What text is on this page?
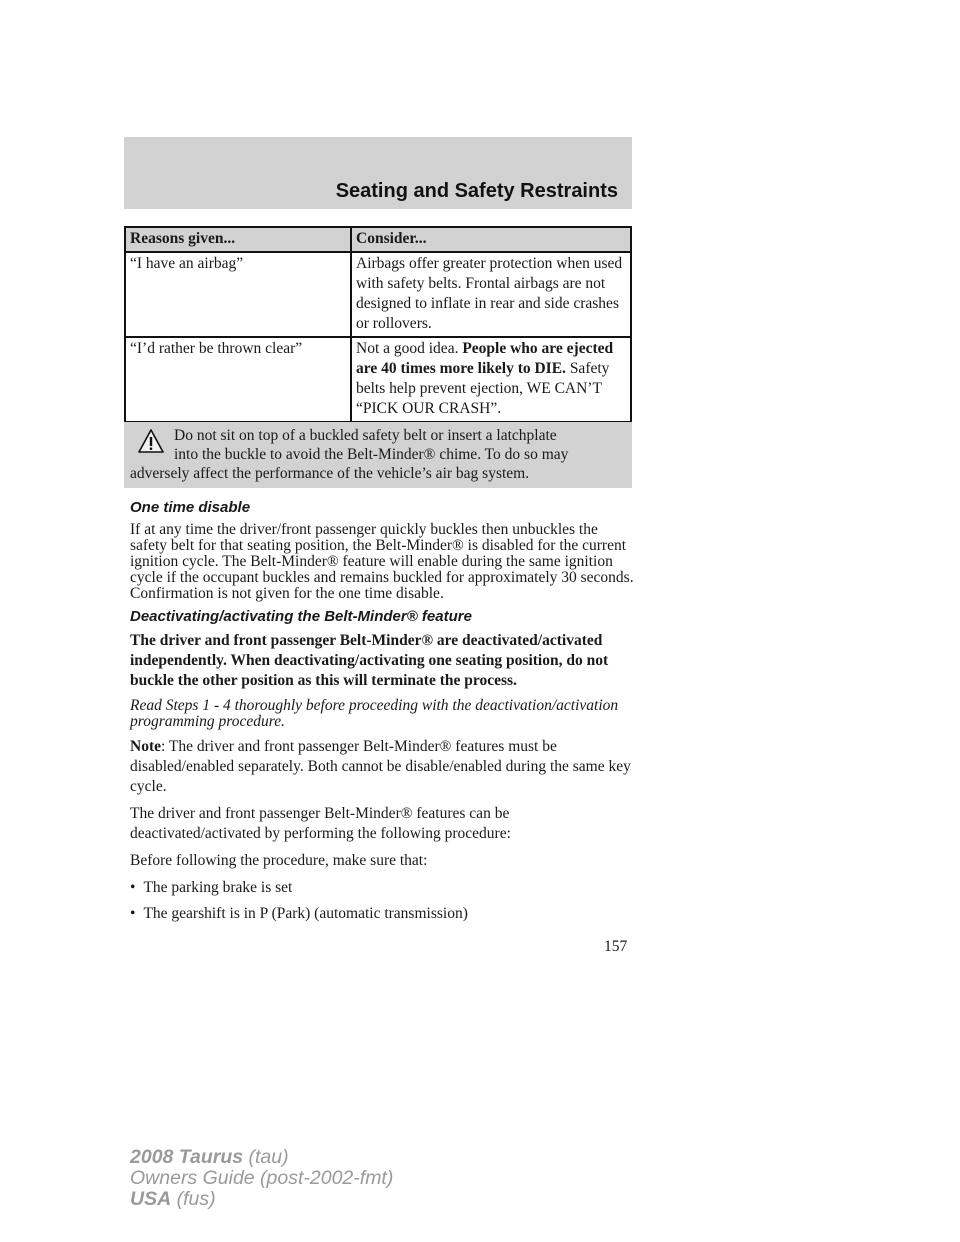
Seating and Safety Restraints
Reasons given...	Consider...
“I have an airbag”	Airbags offer greater protection when used with safety belts. Frontal airbags are not designed to inflate in rear and side crashes or rollovers.
“I’d rather be thrown clear”	Not a good idea. People who are ejected are 40 times more likely to DIE. Safety belts help prevent ejection, WE CAN’T “PICK OUR CRASH”.
Do not sit on top of a buckled safety belt or insert a latchplate
into the buckle to avoid the Belt-Minder® chime. To do so may
adversely affect the performance of the vehicle’s air bag system.
One time disable

If at any time the driver/front passenger quickly buckles then unbuckles the safety belt for that seating position, the Belt-Minder® is disabled for the current ignition cycle. The Belt-Minder® feature will enable during the same ignition cycle if the occupant buckles and remains buckled for approximately 30 seconds. Confirmation is not given for the one time disable.

Deactivating/activating the Belt-Minder® feature

The driver and front passenger Belt-Minder® are deactivated/activated independently. When deactivating/activating one seating position, do not buckle the other position as this will terminate the process.

Read Steps 1 - 4 thoroughly before proceeding with the deactivation/activation programming procedure.

Note: The driver and front passenger Belt-Minder® features must be disabled/enabled separately. Both cannot be disable/enabled during the same key cycle.

The driver and front passenger Belt-Minder® features can be deactivated/activated by performing the following procedure:

Before following the procedure, make sure that:

• The parking brake is set
• The gearshift is in P (Park) (automatic transmission)
157
2008 Taurus (tau)
Owners Guide (post-2002-fmt)
USA (fus)
